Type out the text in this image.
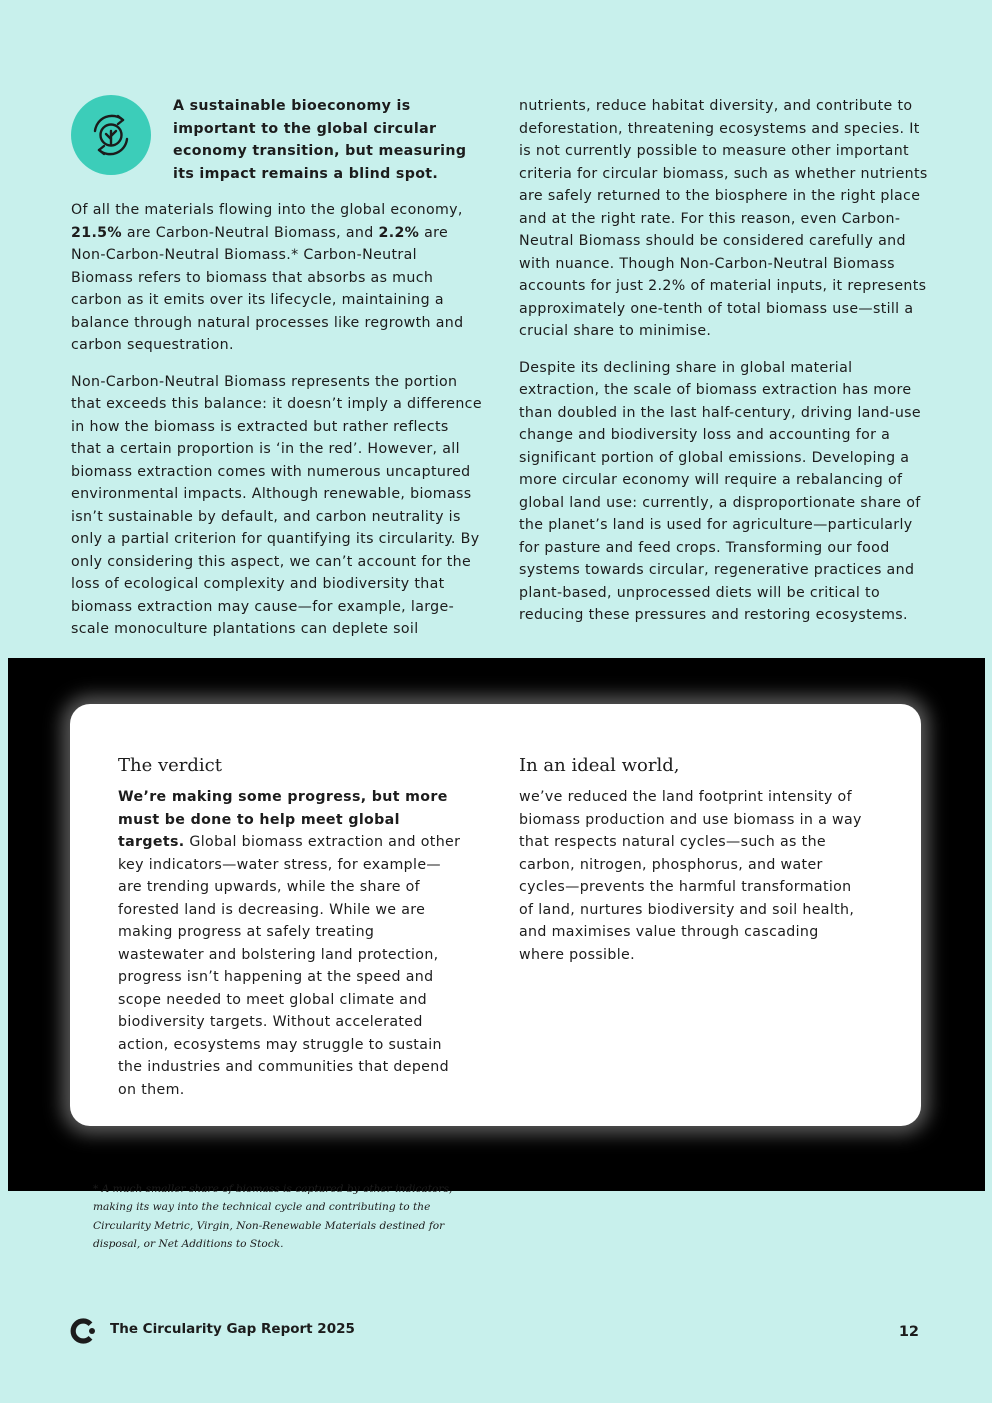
A sustainable bioeconomy is important to the global circular economy transition, but measuring its impact remains a blind spot.

Of all the materials flowing into the global economy, 21.5% are Carbon-Neutral Biomass, and 2.2% are Non-Carbon-Neutral Biomass.* Carbon-Neutral Biomass refers to biomass that absorbs as much carbon as it emits over its lifecycle, maintaining a balance through natural processes like regrowth and carbon sequestration.

Non-Carbon-Neutral Biomass represents the portion that exceeds this balance: it doesn’t imply a difference in how the biomass is extracted but rather reflects that a certain proportion is ‘in the red’. However, all biomass extraction comes with numerous uncaptured environmental impacts. Although renewable, biomass isn’t sustainable by default, and carbon neutrality is only a partial criterion for quantifying its circularity. By only considering this aspect, we can’t account for the loss of ecological complexity and biodiversity that biomass extraction may cause—for example, large-scale monoculture plantations can deplete soil

nutrients, reduce habitat diversity, and contribute to deforestation, threatening ecosystems and species. It is not currently possible to measure other important criteria for circular biomass, such as whether nutrients are safely returned to the biosphere in the right place and at the right rate. For this reason, even Carbon-Neutral Biomass should be considered carefully and with nuance. Though Non-Carbon-Neutral Biomass accounts for just 2.2% of material inputs, it represents approximately one-tenth of total biomass use—still a crucial share to minimise.

Despite its declining share in global material extraction, the scale of biomass extraction has more than doubled in the last half-century, driving land-use change and biodiversity loss and accounting for a significant portion of global emissions. Developing a more circular economy will require a rebalancing of global land use: currently, a disproportionate share of the planet’s land is used for agriculture—particularly for pasture and feed crops. Transforming our food systems towards circular, regenerative practices and plant-based, unprocessed diets will be critical to reducing these pressures and restoring ecosystems.

The verdict

We’re making some progress, but more must be done to help meet global targets. Global biomass extraction and other key indicators—water stress, for example—are trending upwards, while the share of forested land is decreasing. While we are making progress at safely treating wastewater and bolstering land protection, progress isn’t happening at the speed and scope needed to meet global climate and biodiversity targets. Without accelerated action, ecosystems may struggle to sustain the industries and communities that depend on them.

In an ideal world,

we’ve reduced the land footprint intensity of biomass production and use biomass in a way that respects natural cycles—such as the carbon, nitrogen, phosphorus, and water cycles—prevents the harmful transformation of land, nurtures biodiversity and soil health, and maximises value through cascading where possible.

* A much smaller share of biomass is captured by other indicators, making its way into the technical cycle and contributing to the Circularity Metric, Virgin, Non-Renewable Materials destined for disposal, or Net Additions to Stock.

The Circularity Gap Report 2025	12
